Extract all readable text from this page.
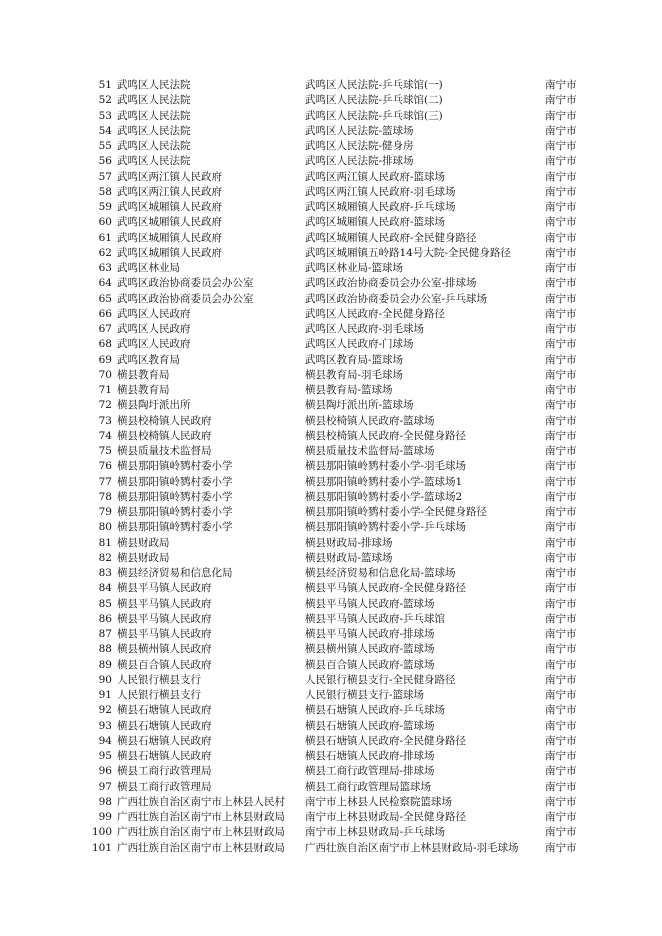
51 武鸣区人民法院	武鸣区人民法院-乒乓球馆(一)	南宁市
52 武鸣区人民法院	武鸣区人民法院-乒乓球馆(二)	南宁市
53 武鸣区人民法院	武鸣区人民法院-乒乓球馆(三)	南宁市
54 武鸣区人民法院	武鸣区人民法院-篮球场	南宁市
55 武鸣区人民法院	武鸣区人民法院-健身房	南宁市
56 武鸣区人民法院	武鸣区人民法院-排球场	南宁市
57 武鸣区两江镇人民政府	武鸣区两江镇人民政府-篮球场	南宁市
58 武鸣区两江镇人民政府	武鸣区两江镇人民政府-羽毛球场	南宁市
59 武鸣区城厢镇人民政府	武鸣区城厢镇人民政府-乒乓球场	南宁市
60 武鸣区城厢镇人民政府	武鸣区城厢镇人民政府-篮球场	南宁市
61 武鸣区城厢镇人民政府	武鸣区城厢镇人民政府-全民健身路径	南宁市
62 武鸣区城厢镇人民政府	武鸣区城厢镇五岭路14号大院-全民健身路径	南宁市
63 武鸣区林业局	武鸣区林业局-篮球场	南宁市
64 武鸣区政治协商委员会办公室	武鸣区政治协商委员会办公室-排球场	南宁市
65 武鸣区政治协商委员会办公室	武鸣区政治协商委员会办公室-乒乓球场	南宁市
66 武鸣区人民政府	武鸣区人民政府-全民健身路径	南宁市
67 武鸣区人民政府	武鸣区人民政府-羽毛球场	南宁市
68 武鸣区人民政府	武鸣区人民政府-门球场	南宁市
69 武鸣区教育局	武鸣区教育局-篮球场	南宁市
70 横县教育局	横县教育局-羽毛球场	南宁市
71 横县教育局	横县教育局-篮球场	南宁市
72 横县陶圩派出所	横县陶圩派出所-篮球场	南宁市
73 横县校椅镇人民政府	横县校椅镇人民政府-篮球场	南宁市
74 横县校椅镇人民政府	横县校椅镇人民政府-全民健身路径	南宁市
75 横县质量技术监督局	横县质量技术监督局-篮球场	南宁市
76 横县那阳镇岭鹨村委小学	横县那阳镇岭鹨村委小学-羽毛球场	南宁市
77 横县那阳镇岭鹨村委小学	横县那阳镇岭鹨村委小学-篮球场1	南宁市
78 横县那阳镇岭鹨村委小学	横县那阳镇岭鹨村委小学-篮球场2	南宁市
79 横县那阳镇岭鹨村委小学	横县那阳镇岭鹨村委小学-全民健身路径	南宁市
80 横县那阳镇岭鹨村委小学	横县那阳镇岭鹨村委小学-乒乓球场	南宁市
81 横县财政局	横县财政局-排球场	南宁市
82 横县财政局	横县财政局-篮球场	南宁市
83 横县经济贸易和信息化局	横县经济贸易和信息化局-篮球场	南宁市
84 横县平马镇人民政府	横县平马镇人民政府-全民健身路径	南宁市
85 横县平马镇人民政府	横县平马镇人民政府-篮球场	南宁市
86 横县平马镇人民政府	横县平马镇人民政府-乒乓球馆	南宁市
87 横县平马镇人民政府	横县平马镇人民政府-排球场	南宁市
88 横县横州镇人民政府	横县横州镇人民政府-篮球场	南宁市
89 横县百合镇人民政府	横县百合镇人民政府-篮球场	南宁市
90 人民银行横县支行	人民银行横县支行-全民健身路径	南宁市
91 人民银行横县支行	人民银行横县支行-篮球场	南宁市
92 横县石塘镇人民政府	横县石塘镇人民政府-乒乓球场	南宁市
93 横县石塘镇人民政府	横县石塘镇人民政府-篮球场	南宁市
94 横县石塘镇人民政府	横县石塘镇人民政府-全民健身路径	南宁市
95 横县石塘镇人民政府	横县石塘镇人民政府-排球场	南宁市
96 横县工商行政管理局	横县工商行政管理局-排球场	南宁市
97 横县工商行政管理局	横县工商行政管理局篮球场	南宁市
98 广西壮族自治区南宁市上林县人民村	南宁市上林县人民检察院篮球场	南宁市
99 广西壮族自治区南宁市上林县财政局	南宁市上林县财政局-全民健身路径	南宁市
100 广西壮族自治区南宁市上林县财政局	南宁市上林县财政局-乒乓球场	南宁市
101 广西壮族自治区南宁市上林县财政局	广西壮族自治区南宁市上林县财政局-羽毛球场	南宁市
